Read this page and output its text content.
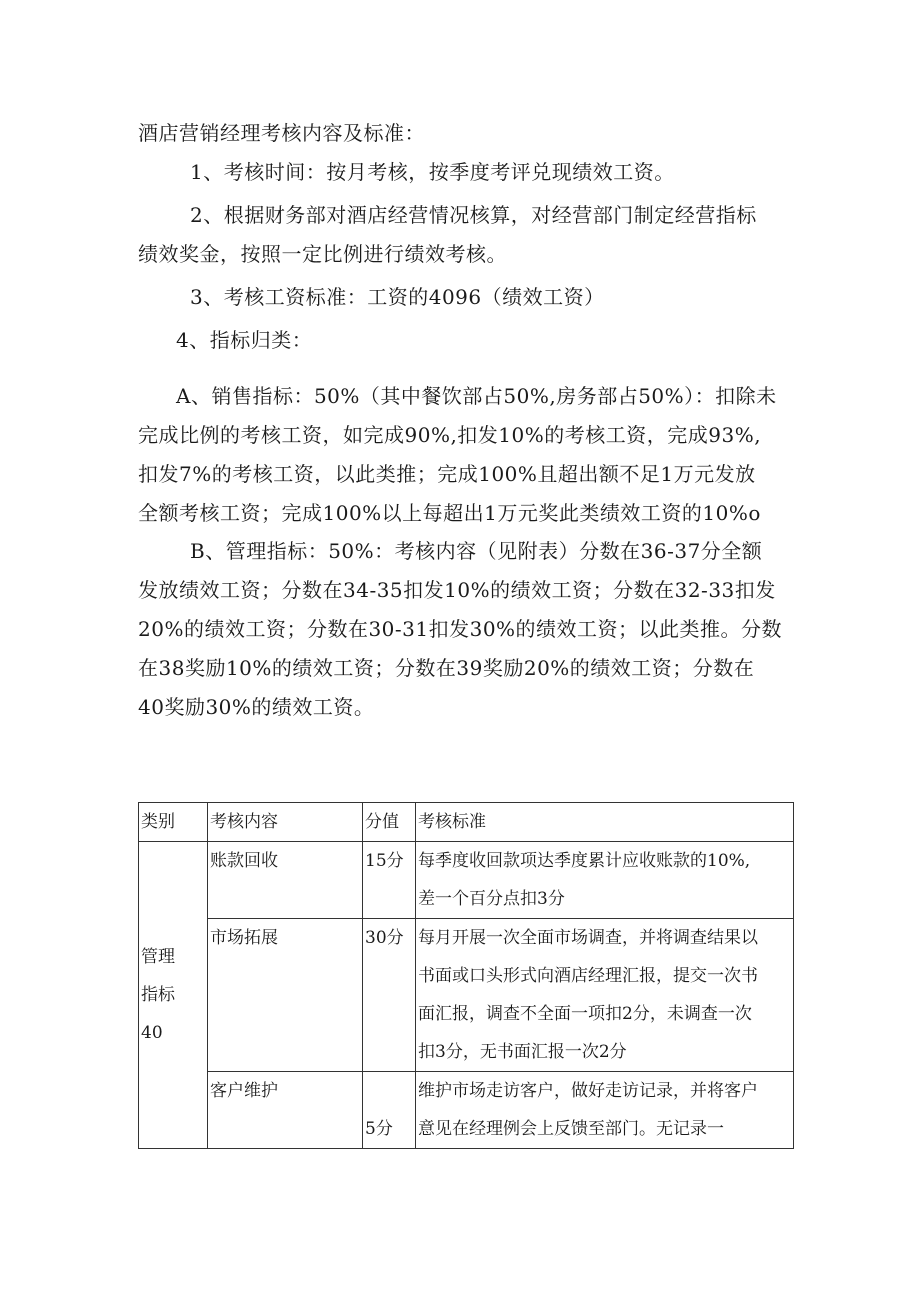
酒店营销经理考核内容及标准：
1、考核时间：按月考核，按季度考评兑现绩效工资。
2、根据财务部对酒店经营情况核算，对经营部门制定经营指标
绩效奖金，按照一定比例进行绩效考核。
3、考核工资标准：工资的4096（绩效工资）
4、指标归类：
A、销售指标：50%（其中餐饮部占50%,房务部占50%）：扣除未
完成比例的考核工资，如完成90%,扣发10%的考核工资，完成93%,
扣发7%的考核工资，以此类推；完成100%且超出额不足1万元发放
全额考核工资；完成100%以上每超出1万元奖此类绩效工资的10%o
B、管理指标：50%：考核内容（见附表）分数在36-37分全额
发放绩效工资；分数在34-35扣发10%的绩效工资；分数在32-33扣发
20%的绩效工资；分数在30-31扣发30%的绩效工资；以此类推。分数
在38奖励10%的绩效工资；分数在39奖励20%的绩效工资；分数在
40奖励30%的绩效工资。
类别	考核内容	分值	考核标准

管理
指标
40	账款回收	15分	每季度收回款项达季度累计应收账款的10%,
差一个百分点扣3分

	市场拓展	30分	每月开展一次全面市场调查，并将调查结果以
书面或口头形式向酒店经理汇报，提交一次书
面汇报，调查不全面一项扣2分，未调查一次
扣3分，无书面汇报一次2分

	客户维护	5分	维护市场走访客户，做好走访记录，并将客户
意见在经理例会上反馈至部门。无记录一
